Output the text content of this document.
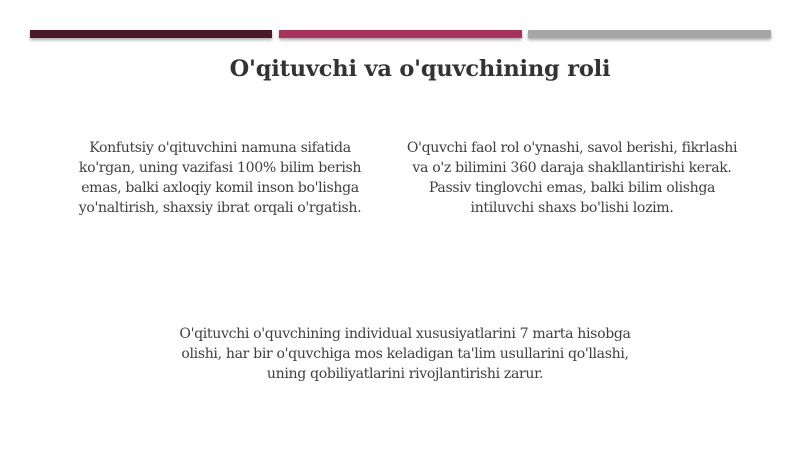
O'qituvchi va o'quvchining roli
Konfutsiy o'qituvchini namuna sifatida
ko'rgan, uning vazifasi 100% bilim berish
emas, balki axloqiy komil inson bo'lishga
yo'naltirish, shaxsiy ibrat orqali o'rgatish.
O'quvchi faol rol o'ynashi, savol berishi, fikrlashi
va o'z bilimini 360 daraja shakllantirishi kerak.
Passiv tinglovchi emas, balki bilim olishga
intiluvchi shaxs bo'lishi lozim.
O'qituvchi o'quvchining individual xususiyatlarini 7 marta hisobga
olishi, har bir o'quvchiga mos keladigan ta'lim usullarini qo'llashi,
uning qobiliyatlarini rivojlantirishi zarur.
